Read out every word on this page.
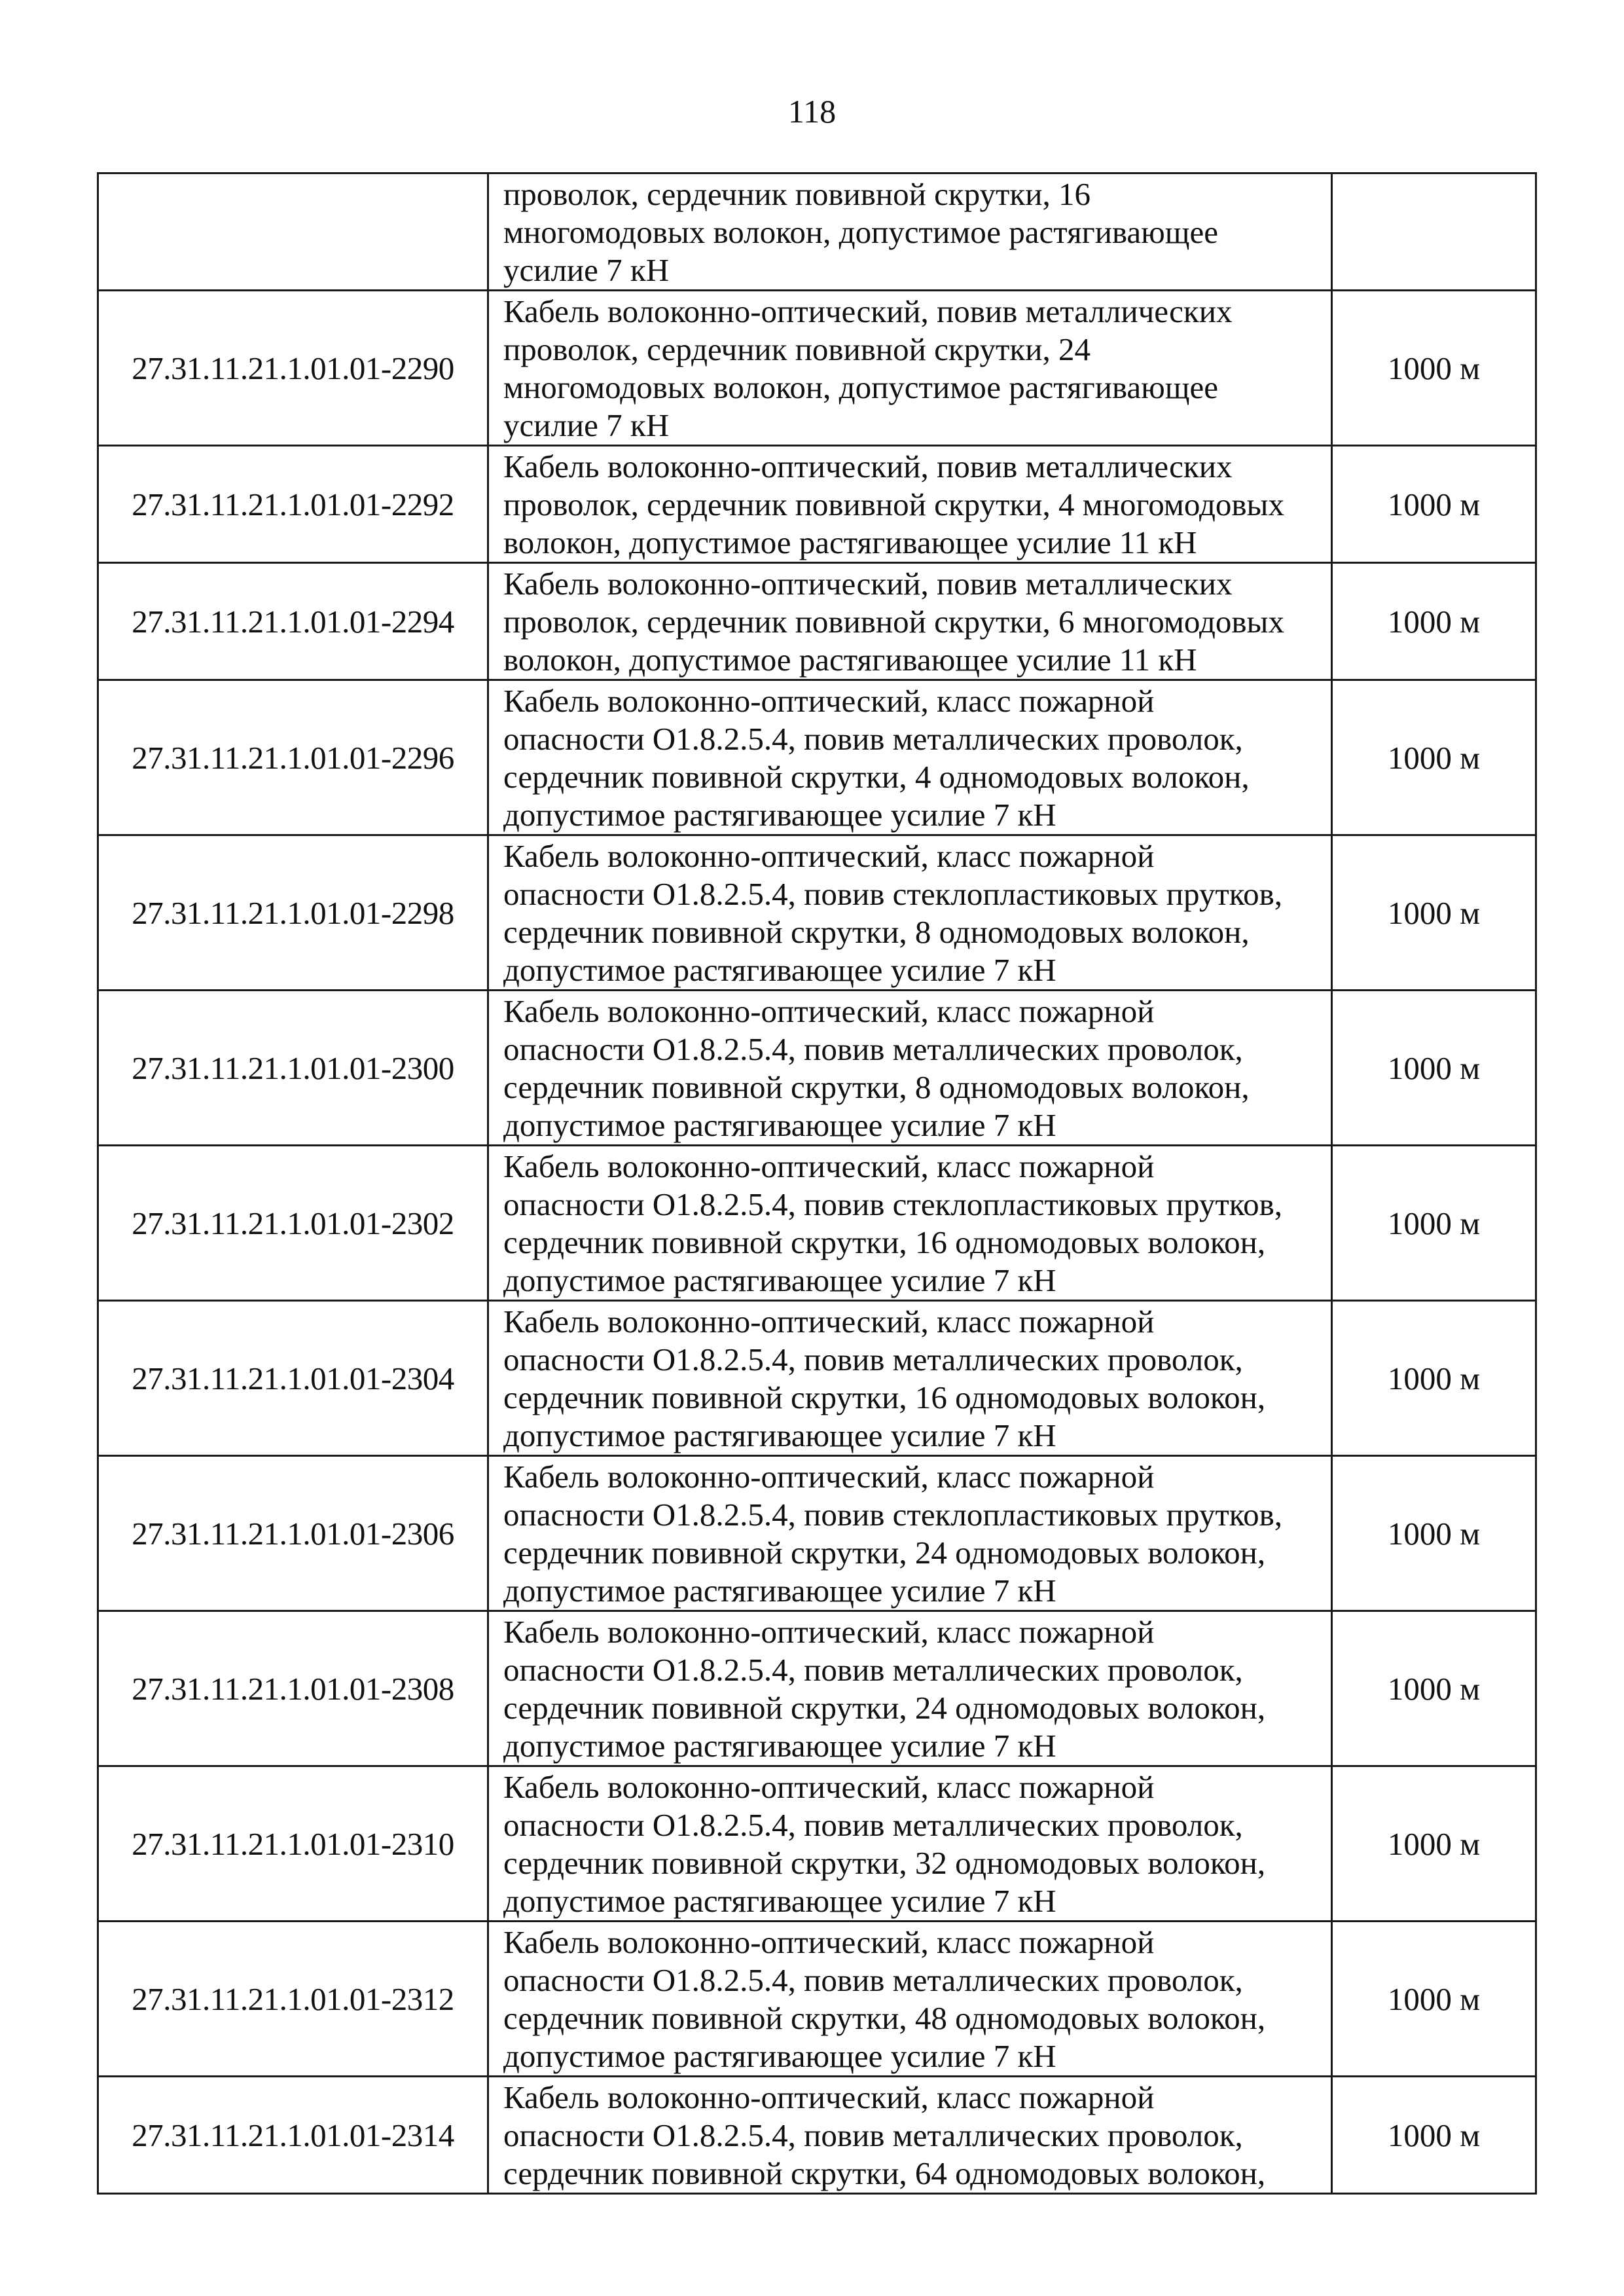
118

	проволок, сердечник повивной скрутки, 16
многомодовых волокон, допустимое растягивающее
усилие 7 кН	

27.31.11.21.1.01.01-2290	Кабель волоконно-оптический, повив металлических
проволок, сердечник повивной скрутки, 24
многомодовых волокон, допустимое растягивающее
усилие 7 кН	1000 м
27.31.11.21.1.01.01-2292	Кабель волоконно-оптический, повив металлических
проволок, сердечник повивной скрутки, 4 многомодовых
волокон, допустимое растягивающее усилие 11 кН	1000 м
27.31.11.21.1.01.01-2294	Кабель волоконно-оптический, повив металлических
проволок, сердечник повивной скрутки, 6 многомодовых
волокон, допустимое растягивающее усилие 11 кН	1000 м
27.31.11.21.1.01.01-2296	Кабель волоконно-оптический, класс пожарной
опасности О1.8.2.5.4, повив металлических проволок,
сердечник повивной скрутки, 4 одномодовых волокон,
допустимое растягивающее усилие 7 кН	1000 м
27.31.11.21.1.01.01-2298	Кабель волоконно-оптический, класс пожарной
опасности О1.8.2.5.4, повив стеклопластиковых прутков,
сердечник повивной скрутки, 8 одномодовых волокон,
допустимое растягивающее усилие 7 кН	1000 м
27.31.11.21.1.01.01-2300	Кабель волоконно-оптический, класс пожарной
опасности О1.8.2.5.4, повив металлических проволок,
сердечник повивной скрутки, 8 одномодовых волокон,
допустимое растягивающее усилие 7 кН	1000 м
27.31.11.21.1.01.01-2302	Кабель волоконно-оптический, класс пожарной
опасности О1.8.2.5.4, повив стеклопластиковых прутков,
сердечник повивной скрутки, 16 одномодовых волокон,
допустимое растягивающее усилие 7 кН	1000 м
27.31.11.21.1.01.01-2304	Кабель волоконно-оптический, класс пожарной
опасности О1.8.2.5.4, повив металлических проволок,
сердечник повивной скрутки, 16 одномодовых волокон,
допустимое растягивающее усилие 7 кН	1000 м
27.31.11.21.1.01.01-2306	Кабель волоконно-оптический, класс пожарной
опасности О1.8.2.5.4, повив стеклопластиковых прутков,
сердечник повивной скрутки, 24 одномодовых волокон,
допустимое растягивающее усилие 7 кН	1000 м
27.31.11.21.1.01.01-2308	Кабель волоконно-оптический, класс пожарной
опасности О1.8.2.5.4, повив металлических проволок,
сердечник повивной скрутки, 24 одномодовых волокон,
допустимое растягивающее усилие 7 кН	1000 м
27.31.11.21.1.01.01-2310	Кабель волоконно-оптический, класс пожарной
опасности О1.8.2.5.4, повив металлических проволок,
сердечник повивной скрутки, 32 одномодовых волокон,
допустимое растягивающее усилие 7 кН	1000 м
27.31.11.21.1.01.01-2312	Кабель волоконно-оптический, класс пожарной
опасности О1.8.2.5.4, повив металлических проволок,
сердечник повивной скрутки, 48 одномодовых волокон,
допустимое растягивающее усилие 7 кН	1000 м
27.31.11.21.1.01.01-2314	Кабель волоконно-оптический, класс пожарной
опасности О1.8.2.5.4, повив металлических проволок,
сердечник повивной скрутки, 64 одномодовых волокон,	1000 м
